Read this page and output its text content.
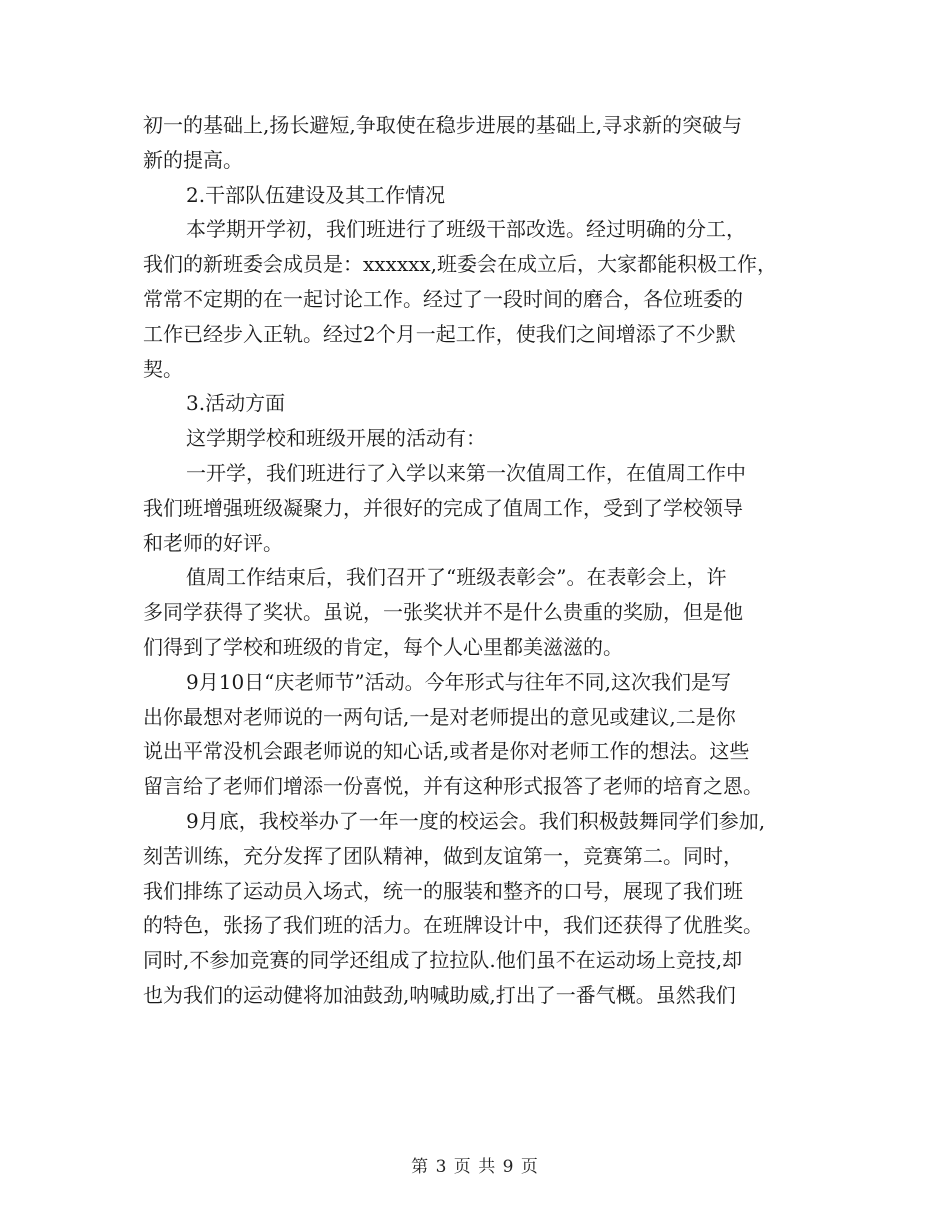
初一的基础上,扬长避短,争取使在稳步进展的基础上,寻求新的突破与
新的提高。
2.干部队伍建设及其工作情况
本学期开学初，我们班进行了班级干部改选。经过明确的分工，
我们的新班委会成员是：xxxxxx,班委会在成立后，大家都能积极工作，
常常不定期的在一起讨论工作。经过了一段时间的磨合，各位班委的
工作已经步入正轨。经过2个月一起工作，使我们之间增添了不少默
契。
3.活动方面
这学期学校和班级开展的活动有：
一开学，我们班进行了入学以来第一次值周工作，在值周工作中
我们班增强班级凝聚力，并很好的完成了值周工作，受到了学校领导
和老师的好评。
值周工作结束后，我们召开了“班级表彰会”。在表彰会上，许
多同学获得了奖状。虽说，一张奖状并不是什么贵重的奖励，但是他
们得到了学校和班级的肯定，每个人心里都美滋滋的。
9月10日“庆老师节”活动。今年形式与往年不同,这次我们是写
出你最想对老师说的一两句话,一是对老师提出的意见或建议,二是你
说出平常没机会跟老师说的知心话,或者是你对老师工作的想法。这些
留言给了老师们增添一份喜悦，并有这种形式报答了老师的培育之恩。
9月底，我校举办了一年一度的校运会。我们积极鼓舞同学们参加,
刻苦训练，充分发挥了团队精神，做到友谊第一，竞赛第二。同时，
我们排练了运动员入场式，统一的服装和整齐的口号，展现了我们班
的特色，张扬了我们班的活力。在班牌设计中，我们还获得了优胜奖。
同时,不参加竞赛的同学还组成了拉拉队.他们虽不在运动场上竞技,却
也为我们的运动健将加油鼓劲,呐喊助威,打出了一番气概。虽然我们
第 3 页 共 9 页
